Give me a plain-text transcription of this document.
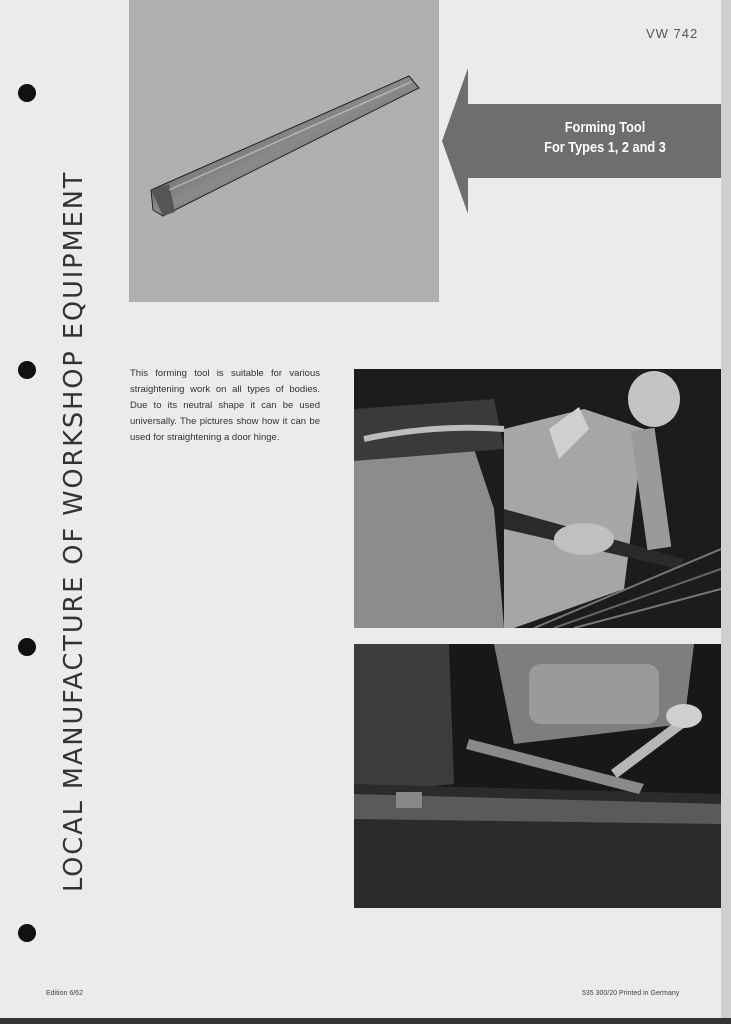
LOCAL MANUFACTURE OF WORKSHOP EQUIPMENT
VW 742
Forming Tool
For Types 1, 2 and 3
This forming tool is suitable for various straightening work on all types of bodies. Due to its neutral shape it can be used universally. The pictures show how it can be used for straightening a door hinge.
Edition 6/62	535 300/20 Printed in Germany
